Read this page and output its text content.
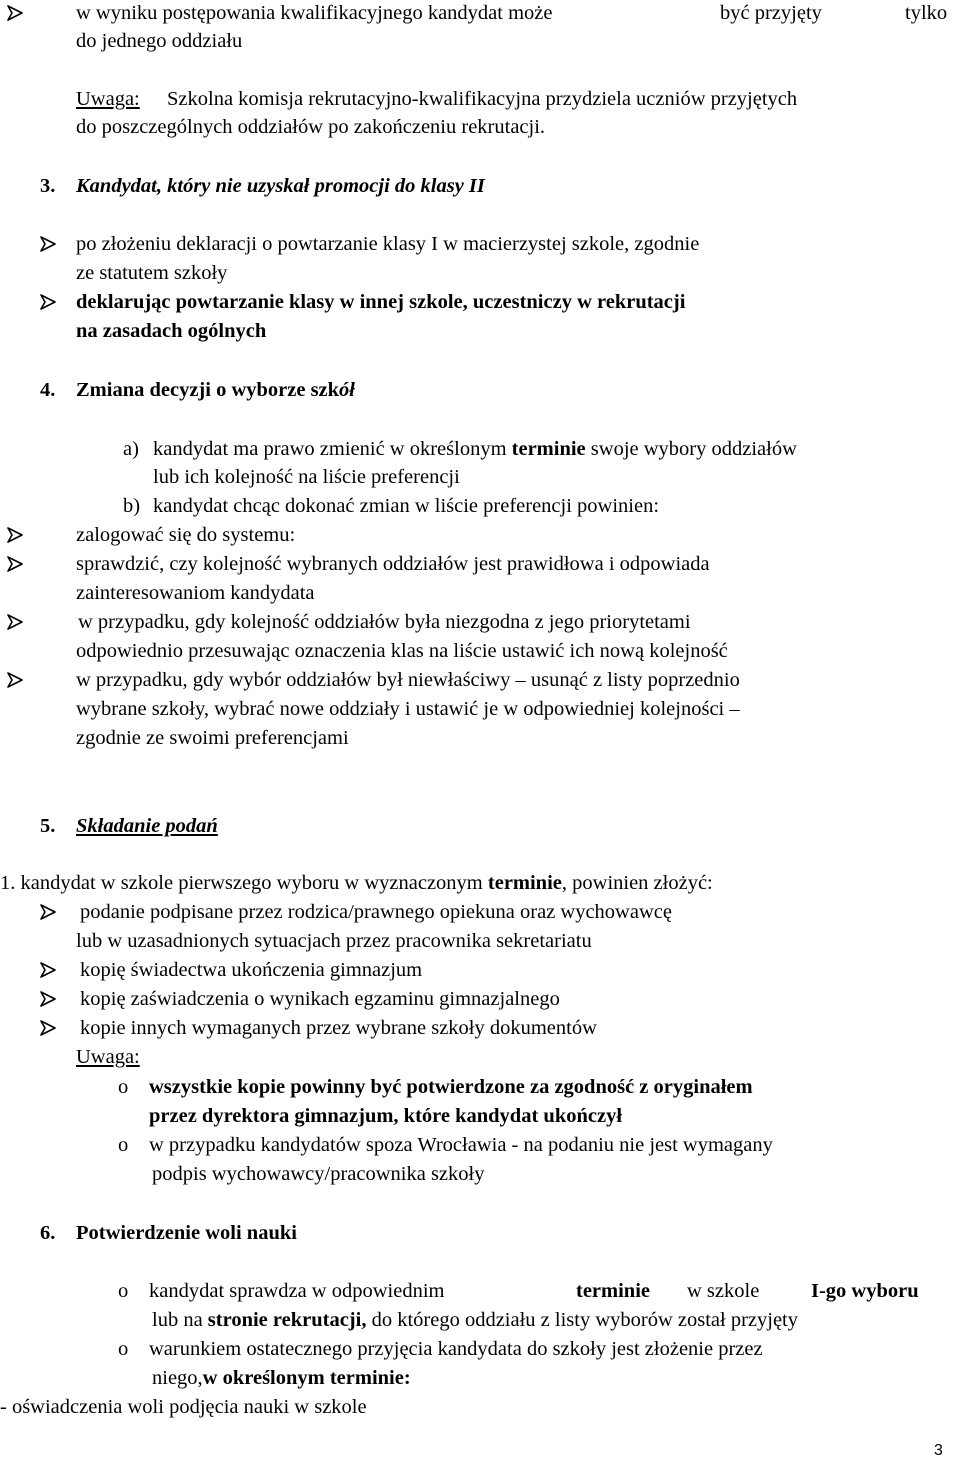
w wyniku postępowania kwalifikacyjnego kandydat może	być przyjęty	tylko
do jednego oddziału
Uwaga: Szkolna komisja rekrutacyjno-kwalifikacyjna przydziela uczniów przyjętych
do poszczególnych oddziałów po zakończeniu rekrutacji.
3. Kandydat, który nie uzyskał promocji do klasy II
po złożeniu deklaracji o powtarzanie klasy I w macierzystej szkole, zgodnie
ze statutem szkoły
deklarując powtarzanie klasy w innej szkole, uczestniczy w rekrutacji
na zasadach ogólnych
4. Zmiana decyzji o wyborze szkół
a) kandydat ma prawo zmienić w określonym terminie swoje wybory oddziałów
lub ich kolejność na liście preferencji
b) kandydat chcąc dokonać zmian w liście preferencji powinien:
zalogować się do systemu:
sprawdzić, czy kolejność wybranych oddziałów jest prawidłowa i odpowiada
zainteresowaniom kandydata
w przypadku, gdy kolejność oddziałów była niezgodna z jego priorytetami
odpowiednio przesuwając oznaczenia klas na liście ustawić ich nową kolejność
w przypadku, gdy wybór oddziałów był niewłaściwy – usunąć z listy poprzednio
wybrane szkoły, wybrać nowe oddziały i ustawić je w odpowiedniej kolejności –
zgodnie ze swoimi preferencjami
5. Składanie podań
1. kandydat w szkole pierwszego wyboru w wyznaczonym terminie, powinien złożyć:
podanie podpisane przez rodzica/prawnego opiekuna oraz wychowawcę
lub w uzasadnionych sytuacjach przez pracownika sekretariatu
kopię świadectwa ukończenia gimnazjum
kopię zaświadczenia o wynikach egzaminu gimnazjalnego
kopie innych wymaganych przez wybrane szkoły dokumentów
Uwaga:
o wszystkie kopie powinny być potwierdzone za zgodność z oryginałem
przez dyrektora gimnazjum, które kandydat ukończył
o w przypadku kandydatów spoza Wrocławia - na podaniu nie jest wymagany
podpis wychowawcy/pracownika szkoły
6. Potwierdzenie woli nauki
o kandydat sprawdza w odpowiednim	terminie w szkole	I-go wyboru
lub na stronie rekrutacji, do którego oddziału z listy wyborów został przyjęty
o warunkiem ostatecznego przyjęcia kandydata do szkoły jest złożenie przez
niego,w określonym terminie:
- oświadczenia woli podjęcia nauki w szkole
3
